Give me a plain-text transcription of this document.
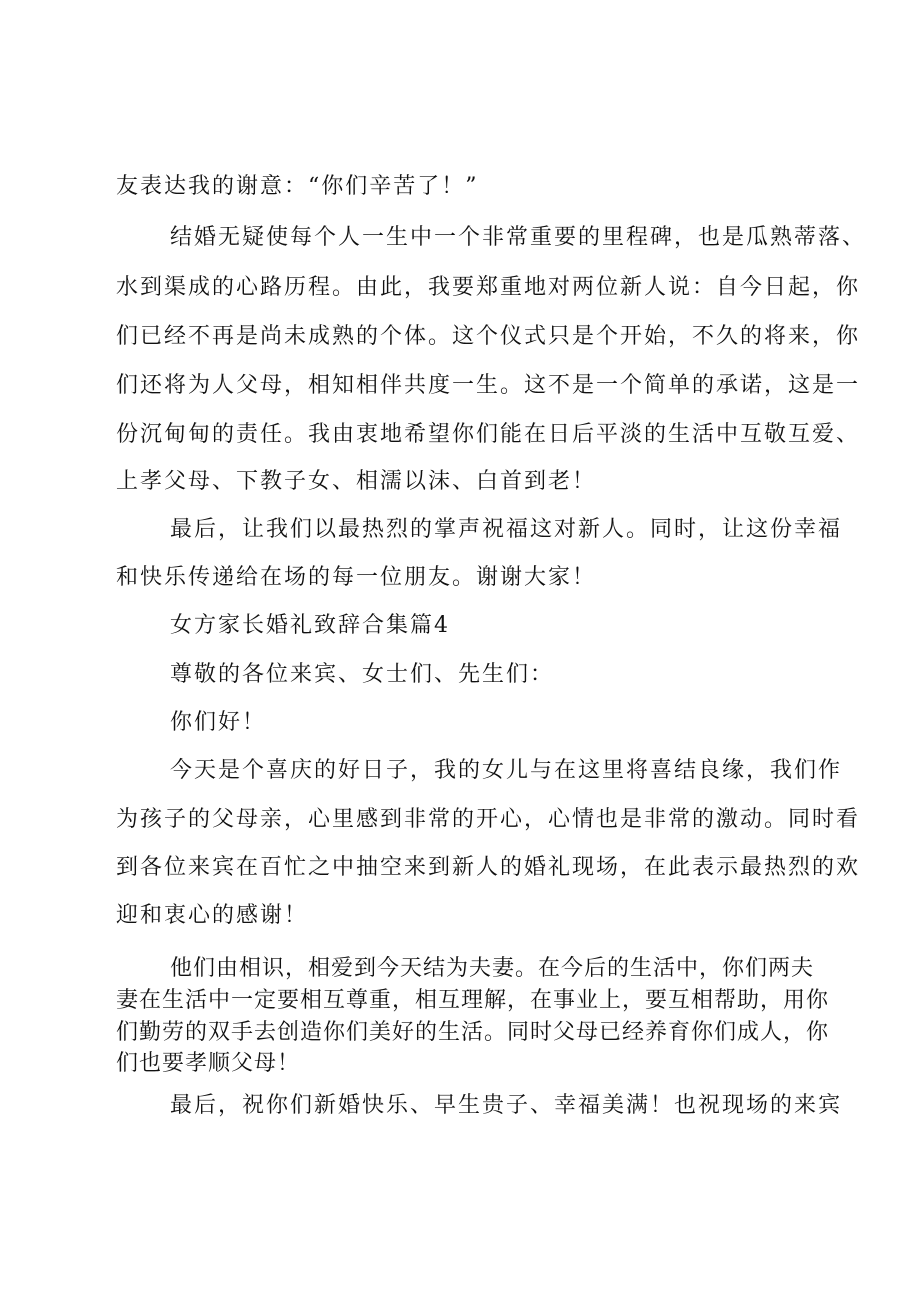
友表达我的谢意：“你们辛苦了！”
结婚无疑使每个人一生中一个非常重要的里程碑，也是瓜熟蒂落、
水到渠成的心路历程。由此，我要郑重地对两位新人说：自今日起，你
们已经不再是尚未成熟的个体。这个仪式只是个开始，不久的将来，你
们还将为人父母，相知相伴共度一生。这不是一个简单的承诺，这是一
份沉甸甸的责任。我由衷地希望你们能在日后平淡的生活中互敬互爱、
上孝父母、下教子女、相濡以沫、白首到老！
最后，让我们以最热烈的掌声祝福这对新人。同时，让这份幸福
和快乐传递给在场的每一位朋友。谢谢大家！
女方家长婚礼致辞合集篇4
尊敬的各位来宾、女士们、先生们：
你们好！
今天是个喜庆的好日子，我的女儿与在这里将喜结良缘，我们作
为孩子的父母亲，心里感到非常的开心，心情也是非常的激动。同时看
到各位来宾在百忙之中抽空来到新人的婚礼现场，在此表示最热烈的欢
迎和衷心的感谢！
他们由相识，相爱到今天结为夫妻。在今后的生活中，你们两夫
妻在生活中一定要相互尊重，相互理解，在事业上，要互相帮助，用你
们勤劳的双手去创造你们美好的生活。同时父母已经养育你们成人，你
们也要孝顺父母！
最后，祝你们新婚快乐、早生贵子、幸福美满！也祝现场的来宾
